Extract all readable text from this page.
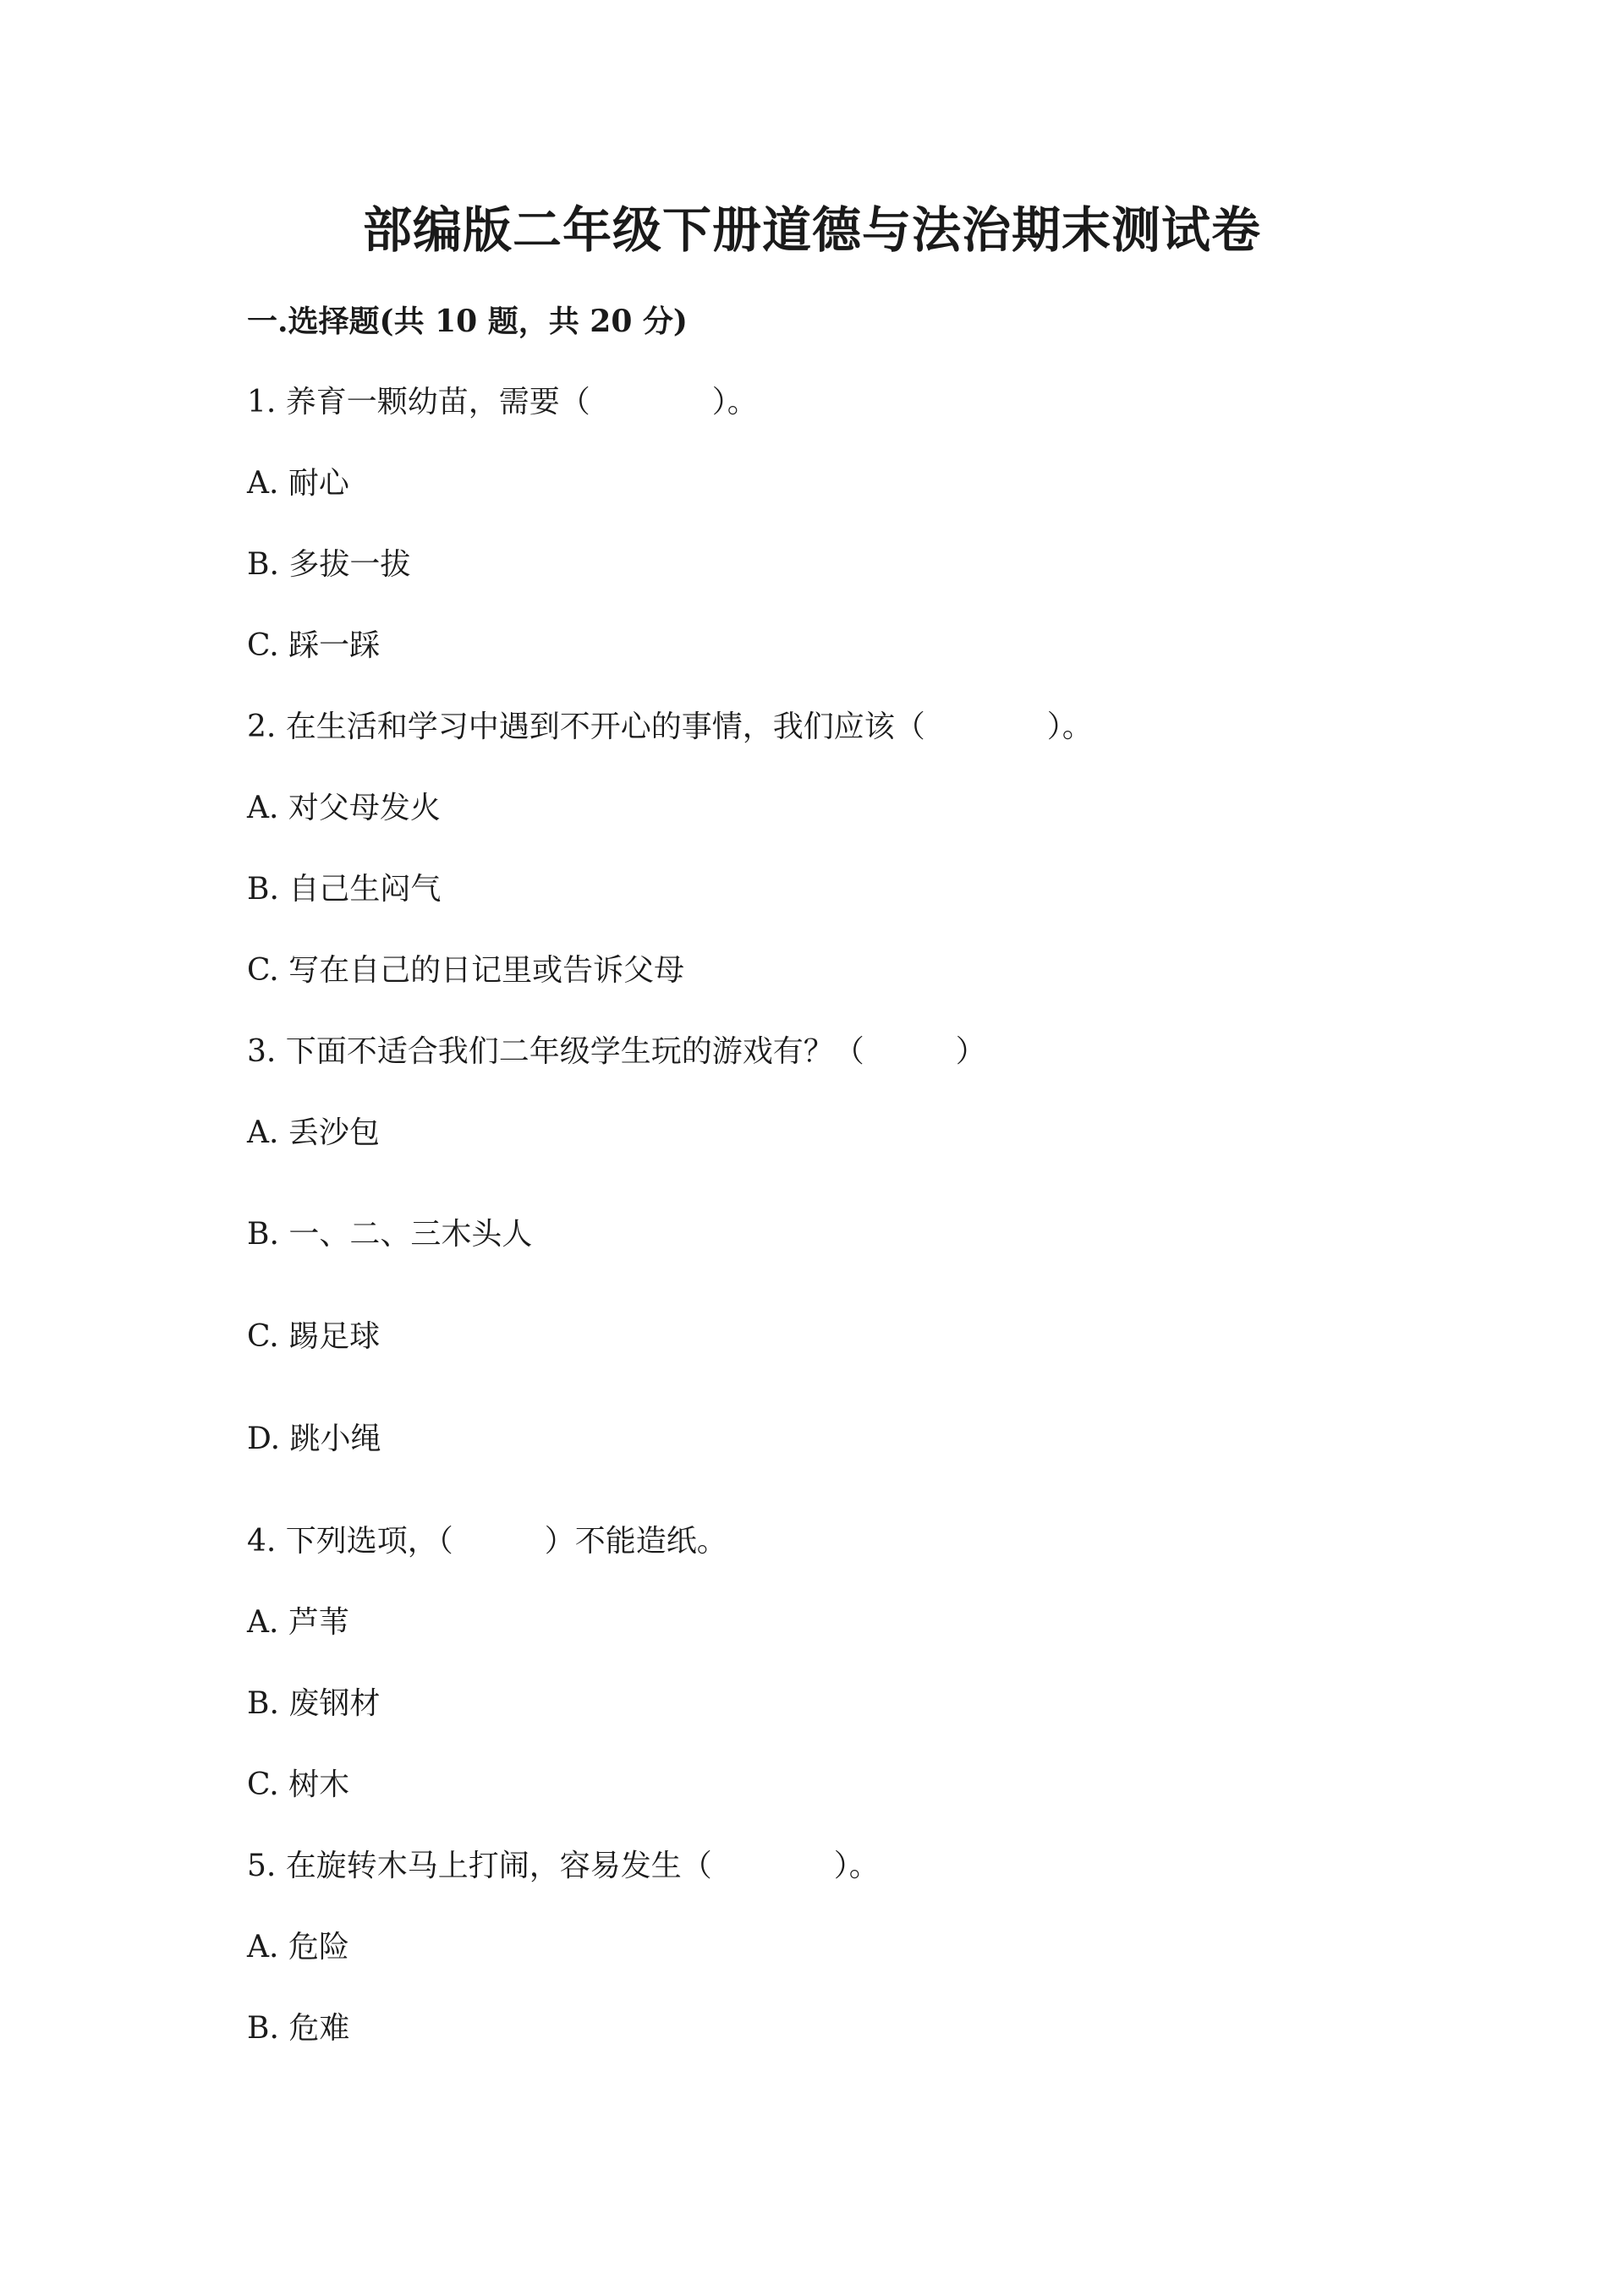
部编版二年级下册道德与法治期末测试卷
一.选择题(共 10 题，共 20 分)
1. 养育一颗幼苗，需要（　　　　）。
A. 耐心
B. 多拔一拔
C. 踩一踩
2. 在生活和学习中遇到不开心的事情，我们应该（　　　　）。
A. 对父母发火
B. 自己生闷气
C. 写在自己的日记里或告诉父母
3. 下面不适合我们二年级学生玩的游戏有？（　　　）
A. 丢沙包
B. 一、二、三木头人
C. 踢足球
D. 跳小绳
4. 下列选项，（　　　）不能造纸。
A. 芦苇
B. 废钢材
C. 树木
5. 在旋转木马上打闹，容易发生（　　　　）。
A. 危险
B. 危难
